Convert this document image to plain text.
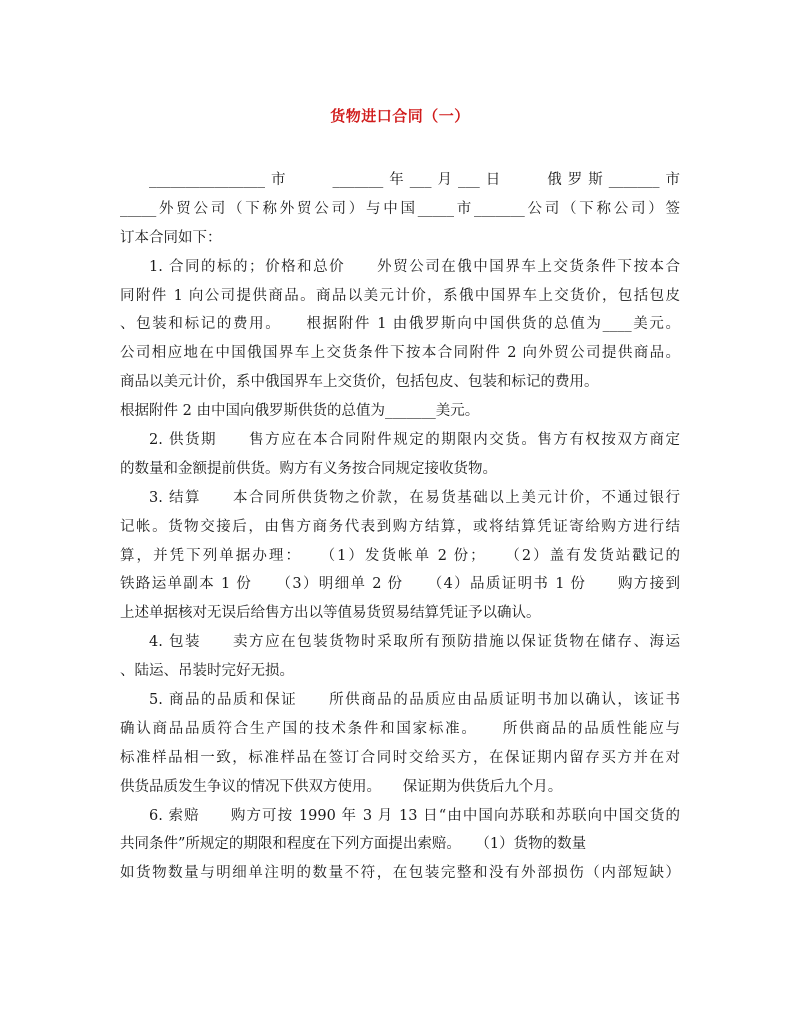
货物进口合同（一）
________________市　　_______年___月___日　　俄罗斯_______市
_____外贸公司（下称外贸公司）与中国_____市_______公司（下称公司）签
订本合同如下：
1. 合同的标的；价格和总价　　外贸公司在俄中国界车上交货条件下按本合
同附件 1 向公司提供商品。商品以美元计价，系俄中国界车上交货价，包括包皮
、包装和标记的费用。　　根据附件 1 由俄罗斯向中国供货的总值为____美元。
公司相应地在中国俄国界车上交货条件下按本合同附件 2 向外贸公司提供商品。
商品以美元计价，系中俄国界车上交货价，包括包皮、包装和标记的费用。
根据附件 2 由中国向俄罗斯供货的总值为_______美元。
2. 供货期　　售方应在本合同附件规定的期限内交货。售方有权按双方商定
的数量和金额提前供货。购方有义务按合同规定接收货物。
3. 结算　　本合同所供货物之价款，在易货基础以上美元计价，不通过银行
记帐。货物交接后，由售方商务代表到购方结算，或将结算凭证寄给购方进行结
算，并凭下列单据办理：　　（1）发货帐单 2 份；　　（2）盖有发货站戳记的
铁路运单副本 1 份　　（3）明细单 2 份　　（4）品质证明书 1 份　　购方接到
上述单据核对无误后给售方出以等值易货贸易结算凭证予以确认。
4. 包装　　卖方应在包装货物时采取所有预防措施以保证货物在储存、海运
、陆运、吊装时完好无损。
5. 商品的品质和保证　　所供商品的品质应由品质证明书加以确认，该证书
确认商品品质符合生产国的技术条件和国家标准。　　所供商品的品质性能应与
标准样品相一致，标准样品在签订合同时交给买方，在保证期内留存买方并在对
供货品质发生争议的情况下供双方使用。　　保证期为供货后九个月。
6. 索赔　　购方可按 1990 年 3 月 13 日“由中国向苏联和苏联向中国交货的
共同条件”所规定的期限和程度在下列方面提出索赔。　　（1）货物的数量
如货物数量与明细单注明的数量不符，在包装完整和没有外部损伤（内部短缺）
